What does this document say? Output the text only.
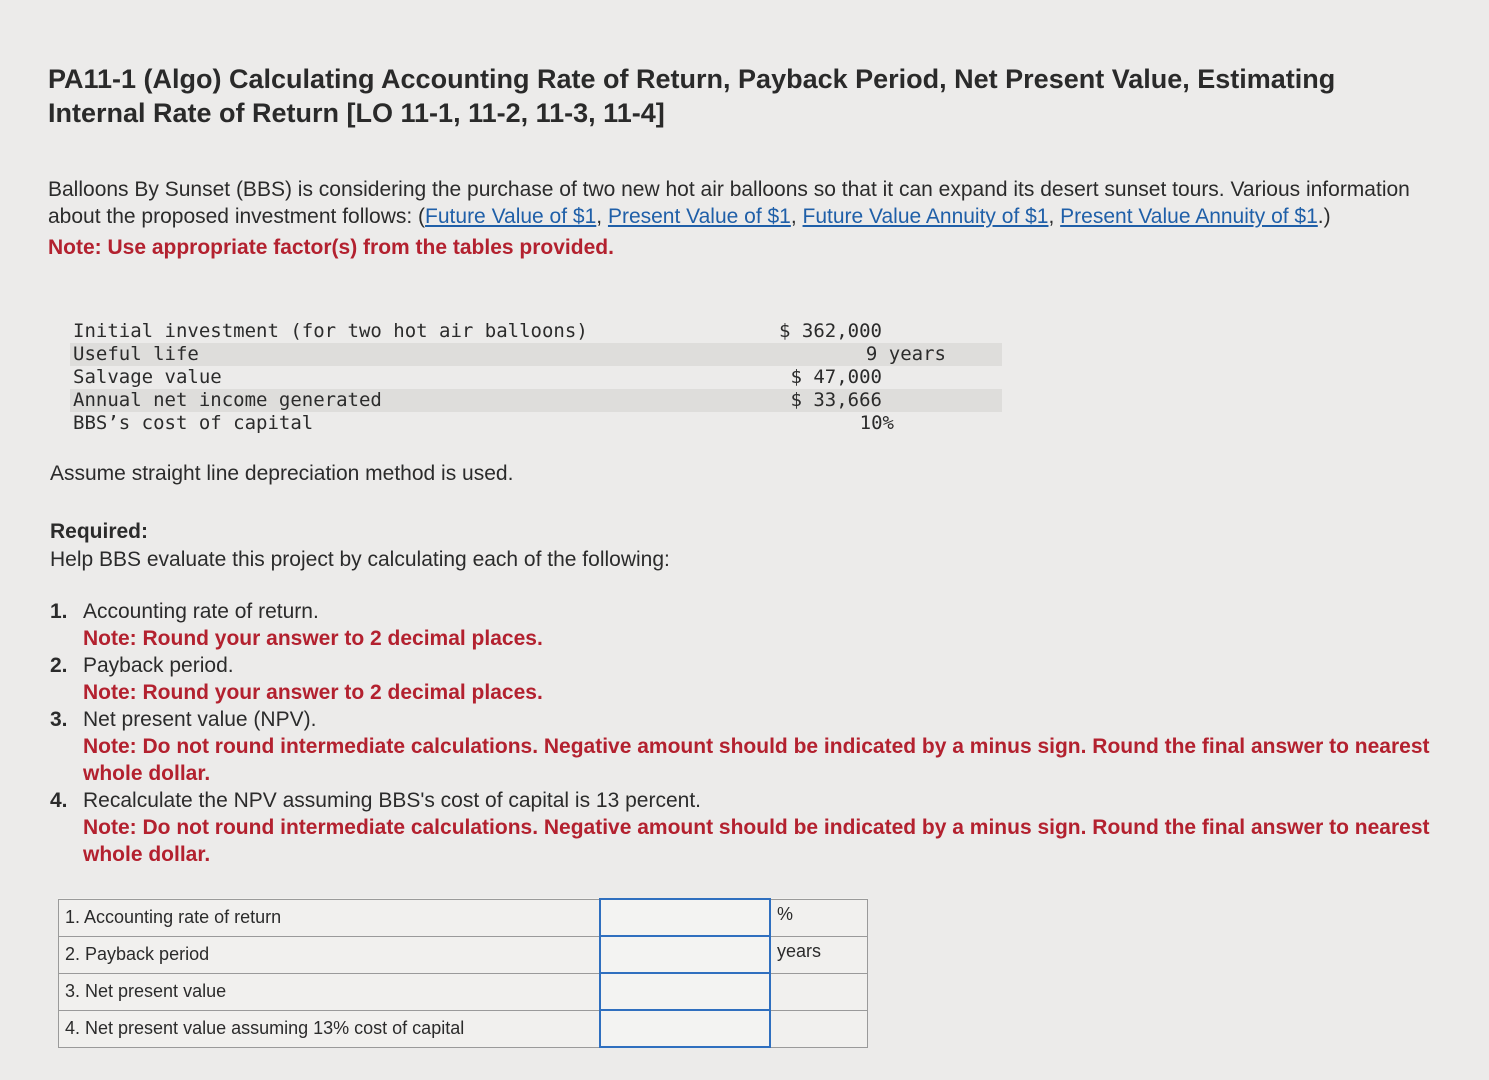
PA11-1 (Algo) Calculating Accounting Rate of Return, Payback Period, Net Present Value, Estimating Internal Rate of Return [LO 11-1, 11-2, 11-3, 11-4]
Balloons By Sunset (BBS) is considering the purchase of two new hot air balloons so that it can expand its desert sunset tours. Various information about the proposed investment follows: (Future Value of $1, Present Value of $1, Future Value Annuity of $1, Present Value Annuity of $1.)
Note: Use appropriate factor(s) from the tables provided.
Initial investment (for two hot air balloons)	$ 362,000
Useful life	9 years
Salvage value	$ 47,000
Annual net income generated	$ 33,666
BBS’s cost of capital	10%
Assume straight line depreciation method is used.
Required:
Help BBS evaluate this project by calculating each of the following:
1. Accounting rate of return.
Note: Round your answer to 2 decimal places.
2. Payback period.
Note: Round your answer to 2 decimal places.
3. Net present value (NPV).
Note: Do not round intermediate calculations. Negative amount should be indicated by a minus sign. Round the final answer to nearest whole dollar.
4. Recalculate the NPV assuming BBS's cost of capital is 13 percent.
Note: Do not round intermediate calculations. Negative amount should be indicated by a minus sign. Round the final answer to nearest whole dollar.
1. Accounting rate of return		%
2. Payback period		years
3. Net present value		
4. Net present value assuming 13% cost of capital		
